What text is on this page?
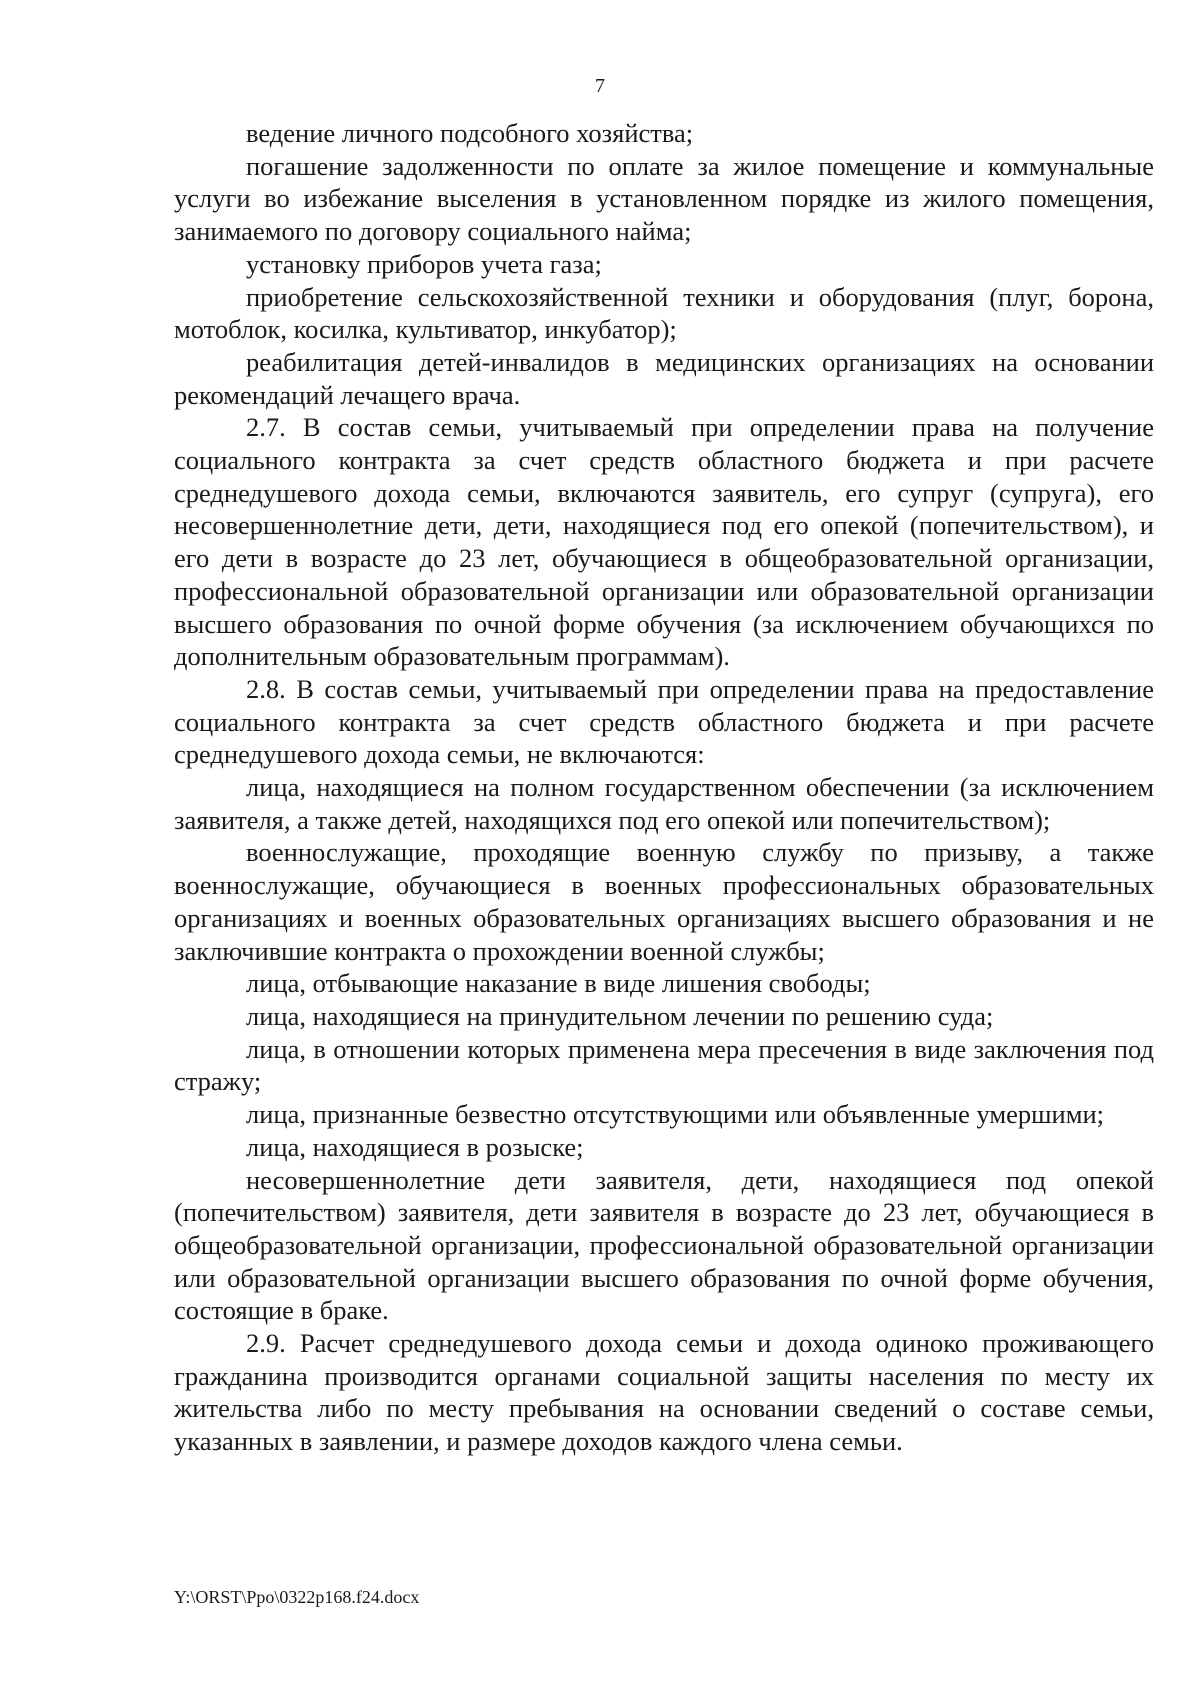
7

ведение личного подсобного хозяйства;

погашение задолженности по оплате за жилое помещение и коммунальные услуги во избежание выселения в установленном порядке из жилого помещения, занимаемого по договору социального найма;

установку приборов учета газа;

приобретение сельскохозяйственной техники и оборудования (плуг, борона, мотоблок, косилка, культиватор, инкубатор);

реабилитация детей-инвалидов в медицинских организациях на основании рекомендаций лечащего врача.

2.7. В состав семьи, учитываемый при определении права на получение социального контракта за счет средств областного бюджета и при расчете среднедушевого дохода семьи, включаются заявитель, его супруг (супруга), его несовершеннолетние дети, дети, находящиеся под его опекой (попечительством), и его дети в возрасте до 23 лет, обучающиеся в общеобразовательной организации, профессиональной образовательной организации или образовательной организации высшего образования по очной форме обучения (за исключением обучающихся по дополнительным образовательным программам).

2.8. В состав семьи, учитываемый при определении права на предоставление социального контракта за счет средств областного бюджета и при расчете среднедушевого дохода семьи, не включаются:

лица, находящиеся на полном государственном обеспечении (за исключением заявителя, а также детей, находящихся под его опекой или попечительством);

военнослужащие, проходящие военную службу по призыву, а также военнослужащие, обучающиеся в военных профессиональных образовательных организациях и военных образовательных организациях высшего образования и не заключившие контракта о прохождении военной службы;

лица, отбывающие наказание в виде лишения свободы;

лица, находящиеся на принудительном лечении по решению суда;

лица, в отношении которых применена мера пресечения в виде заключения под стражу;

лица, признанные безвестно отсутствующими или объявленные умершими;

лица, находящиеся в розыске;

несовершеннолетние дети заявителя, дети, находящиеся под опекой (попечительством) заявителя, дети заявителя в возрасте до 23 лет, обучающиеся в общеобразовательной организации, профессиональной образовательной организации или образовательной организации высшего образования по очной форме обучения, состоящие в браке.

2.9. Расчет среднедушевого дохода семьи и дохода одиноко проживающего гражданина производится органами социальной защиты населения по месту их жительства либо по месту пребывания на основании сведений о составе семьи, указанных в заявлении, и размере доходов каждого члена семьи.

Y:\ORST\Ppo\0322p168.f24.docx
